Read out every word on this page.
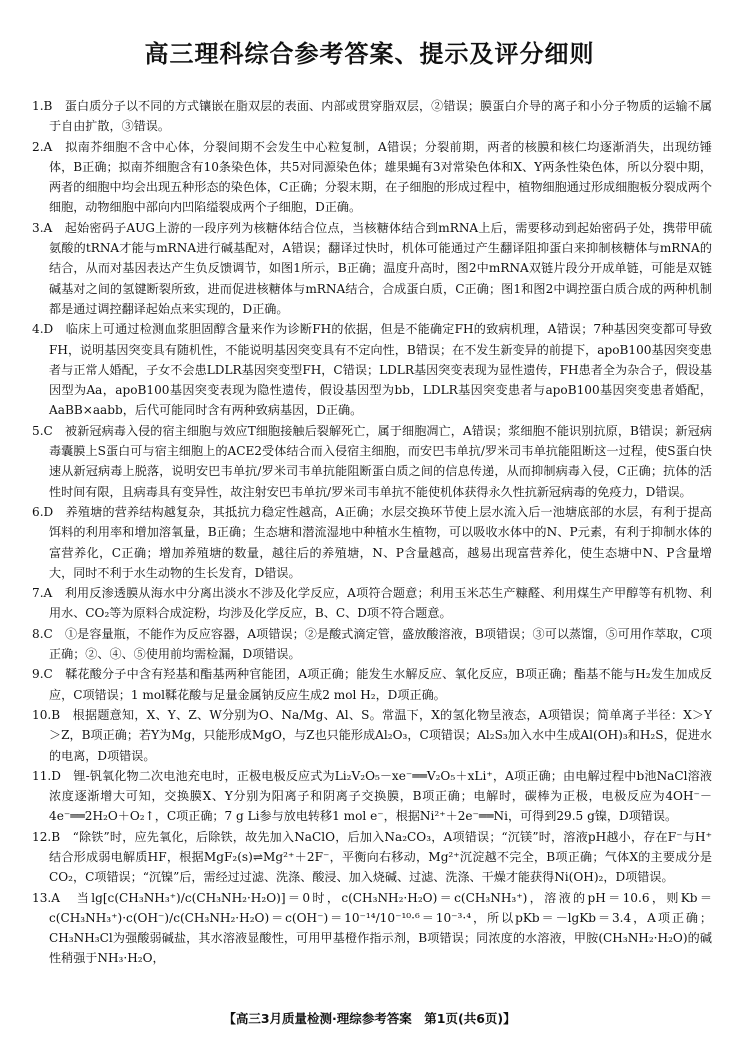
高三理科综合参考答案、提示及评分细则

1.B　蛋白质分子以不同的方式镶嵌在脂双层的表面、内部或贯穿脂双层，②错误；膜蛋白介导的离子和小分子物质的运输不属于自由扩散，③错误。

2.A　拟南芥细胞不含中心体，分裂间期不会发生中心粒复制，A错误；分裂前期，两者的核膜和核仁均逐渐消失，出现纺锤体，B正确；拟南芥细胞含有10条染色体，共5对同源染色体；雄果蝇有3对常染色体和X、Y两条性染色体，所以分裂中期，两者的细胞中均会出现五种形态的染色体，C正确；分裂末期，在子细胞的形成过程中，植物细胞通过形成细胞板分裂成两个细胞，动物细胞中部向内凹陷缢裂成两个子细胞，D正确。

3.A　起始密码子AUG上游的一段序列为核糖体结合位点，当核糖体结合到mRNA上后，需要移动到起始密码子处，携带甲硫氨酸的tRNA才能与mRNA进行碱基配对，A错误；翻译过快时，机体可能通过产生翻译阻抑蛋白来抑制核糖体与mRNA的结合，从而对基因表达产生负反馈调节，如图1所示，B正确；温度升高时，图2中mRNA双链片段分开成单链，可能是双链碱基对之间的氢键断裂所致，进而促进核糖体与mRNA结合，合成蛋白质，C正确；图1和图2中调控蛋白质合成的两种机制都是通过调控翻译起始点来实现的，D正确。

4.D　临床上可通过检测血浆胆固醇含量来作为诊断FH的依据，但是不能确定FH的致病机理，A错误；7种基因突变都可导致FH，说明基因突变具有随机性，不能说明基因突变具有不定向性，B错误；在不发生新变异的前提下，apoB100基因突变患者与正常人婚配，子女不会患LDLR基因突变型FH，C错误；LDLR基因突变表现为显性遗传，FH患者全为杂合子，假设基因型为Aa，apoB100基因突变表现为隐性遗传，假设基因型为bb，LDLR基因突变患者与apoB100基因突变患者婚配，AaBB×aabb，后代可能同时含有两种致病基因，D正确。

5.C　被新冠病毒入侵的宿主细胞与效应T细胞接触后裂解死亡，属于细胞凋亡，A错误；浆细胞不能识别抗原，B错误；新冠病毒囊膜上S蛋白可与宿主细胞上的ACE2受体结合而入侵宿主细胞，而安巴韦单抗/罗米司韦单抗能阻断这一过程，使S蛋白快速从新冠病毒上脱落，说明安巴韦单抗/罗米司韦单抗能阻断蛋白质之间的信息传递，从而抑制病毒入侵，C正确；抗体的活性时间有限，且病毒具有变异性，故注射安巴韦单抗/罗米司韦单抗不能使机体获得永久性抗新冠病毒的免疫力，D错误。

6.D　养殖塘的营养结构越复杂，其抵抗力稳定性越高，A正确；水层交换环节使上层水流入后一池塘底部的水层，有利于提高饵料的利用率和增加溶氧量，B正确；生态塘和潜流湿地中种植水生植物，可以吸收水体中的N、P元素，有利于抑制水体的富营养化，C正确；增加养殖塘的数量，越往后的养殖塘，N、P含量越高，越易出现富营养化，使生态塘中N、P含量增大，同时不利于水生动物的生长发育，D错误。

7.A　利用反渗透膜从海水中分离出淡水不涉及化学反应，A项符合题意；利用玉米芯生产糠醛、利用煤生产甲醇等有机物、利用水、CO₂等为原料合成淀粉，均涉及化学反应，B、C、D项不符合题意。

8.C　①是容量瓶，不能作为反应容器，A项错误；②是酸式滴定管，盛放酸溶液，B项错误；③可以蒸馏，⑤可用作萃取，C项正确；②、④、⑤使用前均需检漏，D项错误。

9.C　鞣花酸分子中含有羟基和酯基两种官能团，A项正确；能发生水解反应、氧化反应，B项正确；酯基不能与H₂发生加成反应，C项错误；1 mol鞣花酸与足量金属钠反应生成2 mol H₂，D项正确。

10.B　根据题意知，X、Y、Z、W分别为O、Na/Mg、Al、S。常温下，X的氢化物呈液态，A项错误；简单离子半径：X＞Y＞Z，B项正确；若Y为Mg，只能形成MgO，与Z也只能形成Al₂O₃，C项错误；Al₂S₃加入水中生成Al(OH)₃和H₂S，促进水的电离，D项错误。

11.D　锂-钒氧化物二次电池充电时，正极电极反应式为Li₂V₂O₅－xe⁻══V₂O₅＋xLi⁺，A项正确；由电解过程中b池NaCl溶液浓度逐渐增大可知，交换膜X、Y分别为阳离子和阴离子交换膜，B项正确；电解时，碳棒为正极，电极反应为4OH⁻－4e⁻══2H₂O＋O₂↑，C项正确；7 g Li参与放电转移1 mol e⁻，根据Ni²⁺＋2e⁻══Ni，可得到29.5 g镍，D项错误。

12.B　“除铁”时，应先氧化，后除铁，故先加入NaClO，后加入Na₂CO₃，A项错误；“沉镁”时，溶液pH越小，存在F⁻与H⁺结合形成弱电解质HF，根据MgF₂(s)⇌Mg²⁺＋2F⁻，平衡向右移动，Mg²⁺沉淀越不完全，B项正确；气体X的主要成分是CO₂，C项错误；“沉镍”后，需经过过滤、洗涤、酸浸、加入烧碱、过滤、洗涤、干燥才能获得Ni(OH)₂，D项错误。

13.A　当lg[c(CH₃NH₃⁺)/c(CH₃NH₂·H₂O)]＝0时，c(CH₃NH₂·H₂O)＝c(CH₃NH₃⁺)，溶液的pH＝10.6，则Kb＝c(CH₃NH₃⁺)·c(OH⁻)/c(CH₃NH₂·H₂O)＝c(OH⁻)＝10⁻¹⁴/10⁻¹⁰·⁶＝10⁻³·⁴，所以pKb＝－lgKb＝3.4，A项正确；CH₃NH₃Cl为强酸弱碱盐，其水溶液显酸性，可用甲基橙作指示剂，B项错误；同浓度的水溶液，甲胺(CH₃NH₂·H₂O)的碱性稍强于NH₃·H₂O，

【高三3月质量检测·理综参考答案　第1页(共6页)】
